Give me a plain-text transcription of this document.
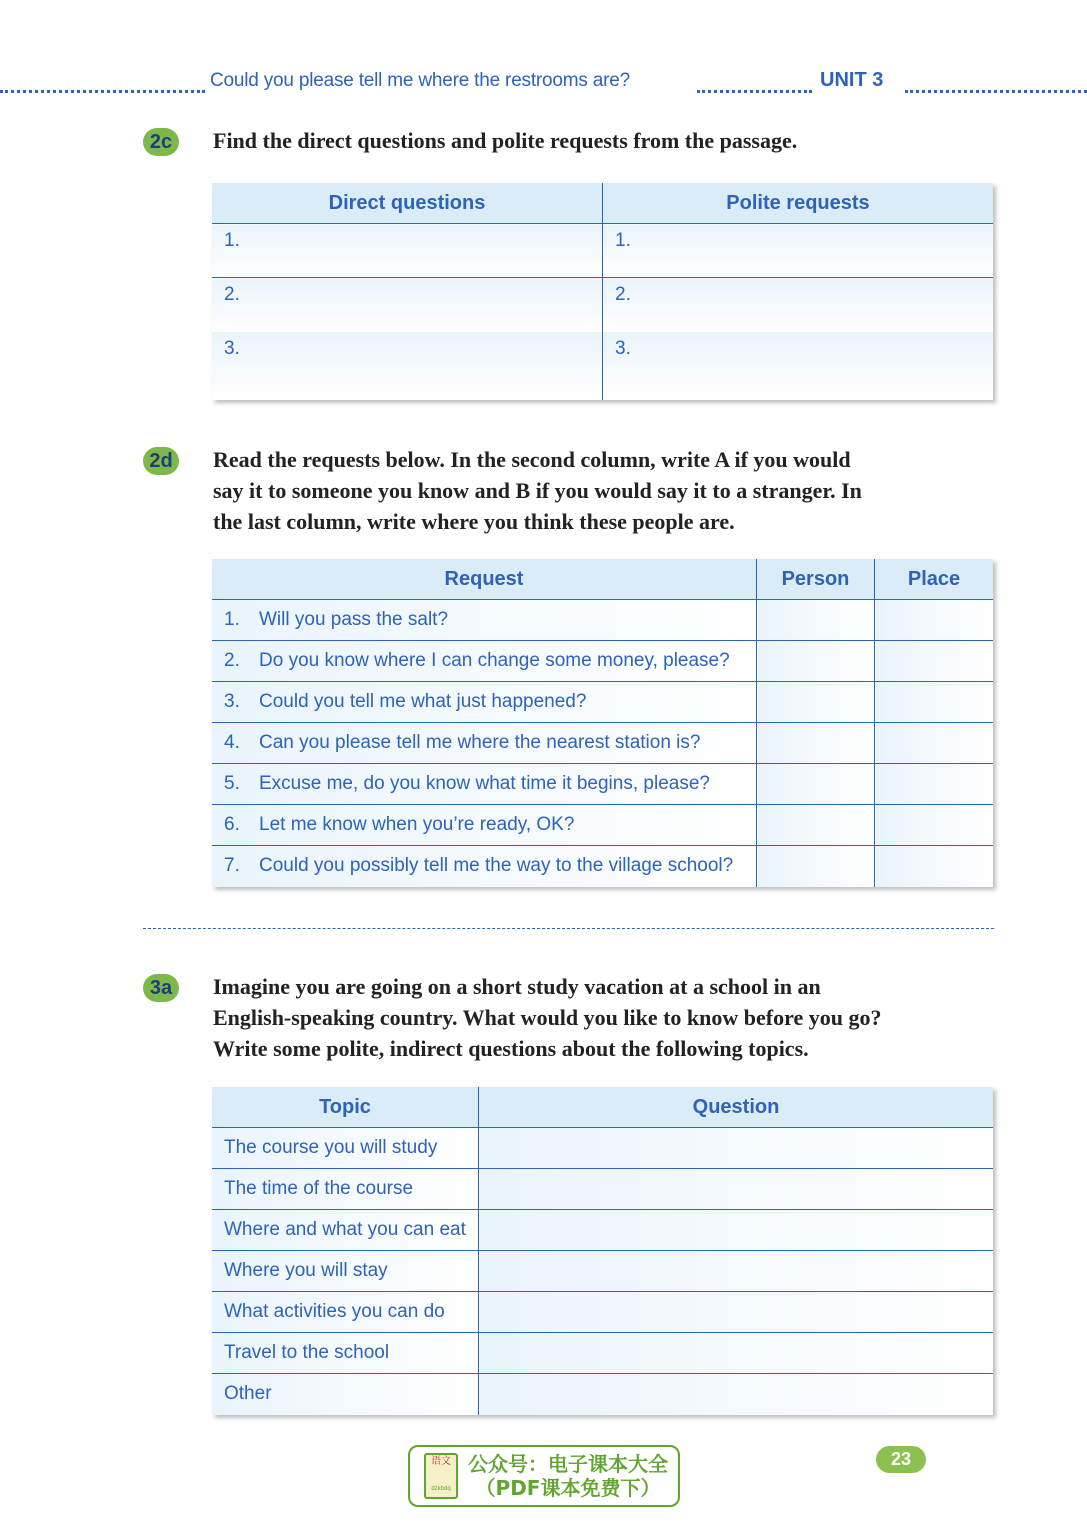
Could you please tell me where the restrooms are?	UNIT 3
2c	Find the direct questions and polite requests from the passage.
Direct questions	Polite requests
1.	1.
2.	2.
3.	3.
2d Read the requests below. In the second column, write A if you would
say it to someone you know and B if you would say it to a stranger. In
the last column, write where you think these people are.
Request	Person	Place
1. Will you pass the salt?		
2. Do you know where I can change some money, please?		
3. Could you tell me what just happened?		
4. Can you please tell me where the nearest station is?		
5. Excuse me, do you know what time it begins, please?		
6. Let me know when you’re ready, OK?		
7. Could you possibly tell me the way to the village school?		
3a	Imagine you are going on a short study vacation at a school in an
English-speaking country. What would you like to know before you go?
Write some polite, indirect questions about the following topics.
Topic	Question
The course you will study	
The time of the course	
Where and what you can eat	
Where you will stay	
What activities you can do	
Travel to the school	
Other	
语文
dzkbdq
公众号：电子课本大全
（PDF课本免费下）
23
